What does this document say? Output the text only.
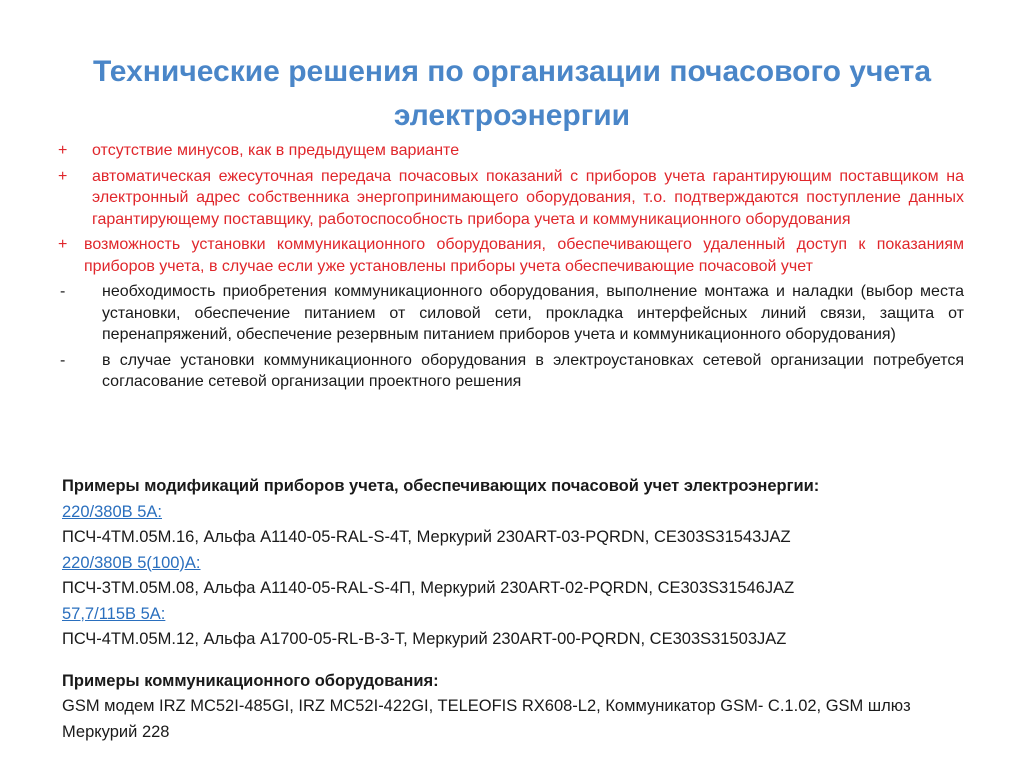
Технические решения по организации почасового учета электроэнергии
+	отсутствие минусов, как в предыдущем варианте
+	автоматическая ежесуточная передача почасовых показаний с приборов учета гарантирующим поставщиком на электронный адрес собственника энергопринимающего оборудования, т.о. подтверждаются поступление данных гарантирующему поставщику, работоспособность прибора учета и коммуникационного оборудования
+	возможность установки коммуникационного оборудования, обеспечивающего удаленный доступ к показаниям приборов учета, в случае если уже установлены приборы учета обеспечивающие почасовой учет
-	необходимость приобретения коммуникационного оборудования, выполнение монтажа и наладки (выбор места установки, обеспечение питанием от силовой сети, прокладка интерфейсных линий связи, защита от перенапряжений, обеспечение резервным питанием приборов учета и коммуникационного оборудования)
-	в случае установки коммуникационного оборудования в электроустановках сетевой организации потребуется согласование сетевой организации проектного решения
Примеры модификаций приборов учета, обеспечивающих почасовой учет электроэнергии:
220/380В 5А:
ПСЧ-4ТМ.05М.16, Альфа А1140-05-RAL-S-4T, Меркурий 230ART-03-PQRDN, CE303S31543JAZ
220/380В 5(100)А:
ПСЧ-3ТМ.05М.08, Альфа А1140-05-RAL-S-4П, Меркурий 230ART-02-PQRDN, CE303S31546JAZ
57,7/115В 5А:
ПСЧ-4ТМ.05М.12, Альфа А1700-05-RL-B-3-T, Меркурий 230ART-00-PQRDN, CE303S31503JAZ
Примеры коммуникационного оборудования:
GSM модем IRZ MC52I-485GI, IRZ MC52I-422GI, TELEOFIS RX608-L2, Коммуникатор GSM- С.1.02, GSM шлюз Меркурий 228
